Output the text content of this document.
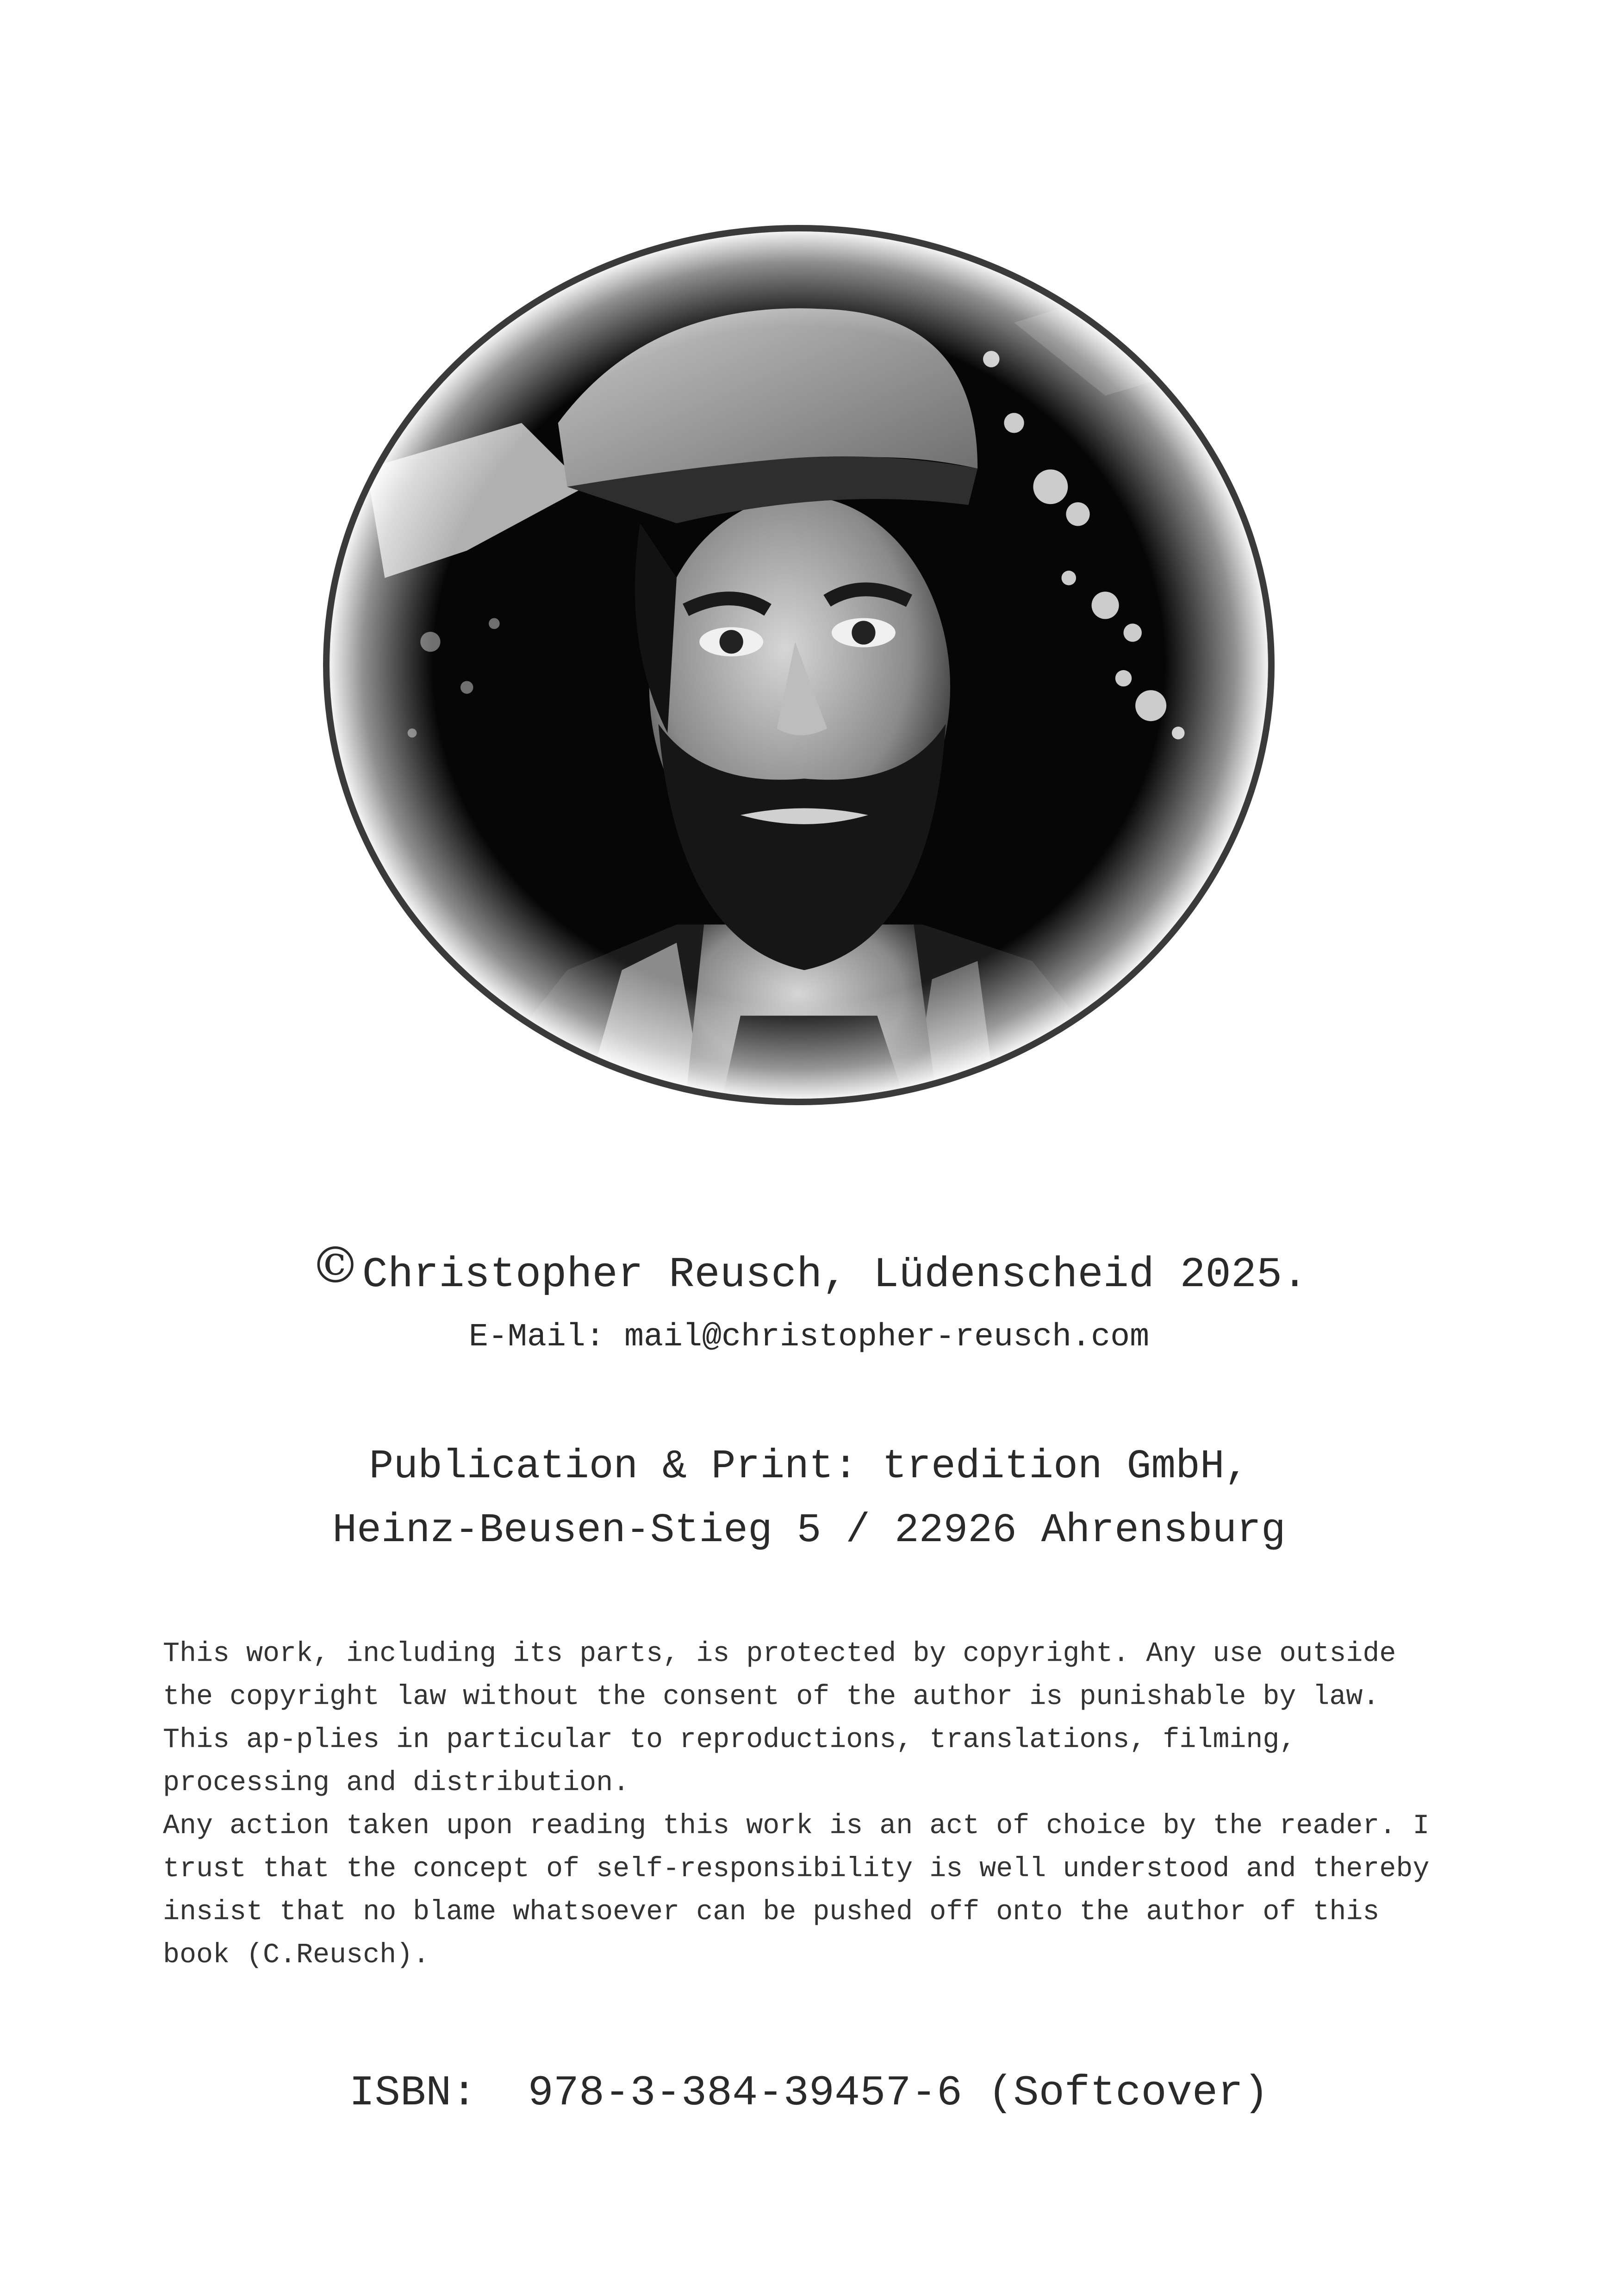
©Christopher Reusch, Lüdenscheid 2025.
E-Mail: mail@christopher-reusch.com
Publication & Print: tredition GmbH,
Heinz-Beusen-Stieg 5 / 22926 Ahrensburg

This work, including its parts, is protected by copyright. Any use outside the copyright law without the consent of the author is punishable by law. This ap-plies in particular to reproductions, translations, filming, processing and distribution.

Any action taken upon reading this work is an act of choice by the reader. I trust that the concept of self-responsibility is well understood and thereby insist that no blame whatsoever can be pushed off onto the author of this book (C.Reusch).

ISBN: 978-3-384-39457-6 (Softcover)
